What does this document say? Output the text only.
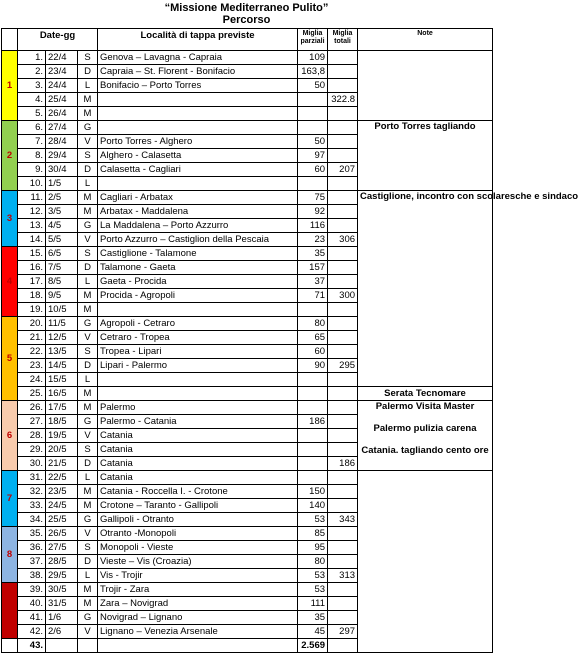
“Missione Mediterraneo Pulito”
Percorso
	Date-gg			Località di tappa previste	Miglia parziali	Miglia totali	Note
1	1.	22/4	S	Genova – Lavagna - Capraia	109		
	2.	23/4	D	Capraia – St. Florent - Bonifacio	163,8		
	3.	24/4	L	Bonifacio – Porto Torres	50		
	4.	25/4	M			322.8	
	5.	26/4	M				
2	6.	27/4	G				Porto Torres tagliando

	7.	28/4	V	Porto Torres - Alghero	50		
	8.	29/4	S	Alghero - Calasetta	97		
	9.	30/4	D	Calasetta - Cagliari	60	207	
	10.	1/5	L				
3	11.	2/5	M	Cagliari - Arbatax	75		Castiglione, incontro con scolaresche e sindaco

	12.	3/5	M	Arbatax - Maddalena	92		
	13.	4/5	G	La Maddalena – Porto Azzurro	116		
	14.	5/5	V	Porto Azzurro – Castiglion della Pescaia	23	306	
4	15.	6/5	S	Castiglione - Talamone	35		
	16.	7/5	D	Talamone - Gaeta	157		
	17.	8/5	L	Gaeta - Procida	37		
	18.	9/5	M	Procida - Agropoli	71	300	
	19.	10/5	M				
5	20.	11/5	G	Agropoli - Cetraro	80		
	21.	12/5	V	Cetraro - Tropea	65		
	22.	13/5	S	Tropea - Lipari	60		
	23.	14/5	D	Lipari - Palermo	90	295	
	24.	15/5	L				
	25.	16/5	M				Serata Tecnomare

6	26.	17/5	M	Palermo			Palermo Visita Master
Palermo pulizia carena
Catania. tagliando cento ore

	27.	18/5	G	Palermo - Catania	186		
	28.	19/5	V	Catania			
	29.	20/5	S	Catania			
	30.	21/5	D	Catania		186	
7	31.	22/5	L	Catania			
	32.	23/5	M	Catania - Roccella I. - Crotone	150		
	33.	24/5	M	Crotone – Taranto - Gallipoli	140		
	34.	25/5	G	Gallipoli - Otranto	53	343	
8	35.	26/5	V	Otranto -Monopoli	85		
	36.	27/5	S	Monopoli - Vieste	95		
	37.	28/5	D	Vieste – Vis (Croazia)	80		
	38.	29/5	L	Vis - Trojir	53	313	
9	39.	30/5	M	Trojir - Zara	53		
	40.	31/5	M	Zara – Novigrad	111		
	41.	1/6	G	Novigrad – Lignano	35		
	42.	2/6	V	Lignano – Venezia Arsenale	45	297	
	43.				2.569		
